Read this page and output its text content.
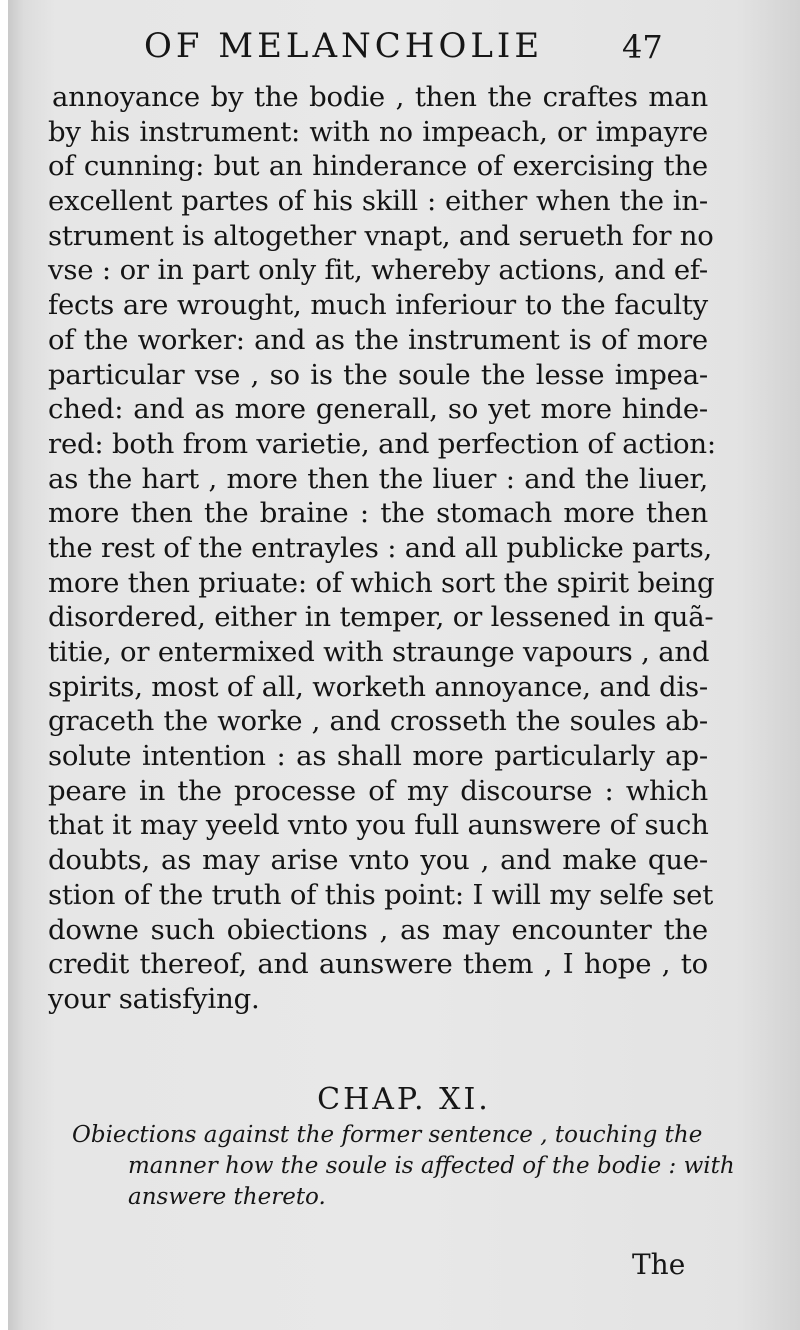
OF MELANCHOLIE 47
annoyance by the bodie , then the craftes man
by his instrument: with no impeach, or impayre
of cunning: but an hinderance of exercising the
excellent partes of his skill : either when the in-
strument is altogether vnapt, and serueth for no
vse : or in part only fit, whereby actions, and ef-
fects are wrought, much inferiour to the faculty
of the worker: and as the instrument is of more
particular vse , so is the soule the lesse impea-
ched: and as more generall, so yet more hinde-
red: both from varietie, and perfection of action:
as the hart , more then the liuer : and the liuer,
more then the braine : the stomach more then
the rest of the entrayles : and all publicke parts,
more then priuate: of which sort the spirit being
disordered, either in temper, or lessened in quã-
titie, or entermixed with straunge vapours , and
spirits, most of all, worketh annoyance, and dis-
graceth the worke , and crosseth the soules ab-
solute intention : as shall more particularly ap-
peare in the processe of my discourse : which
that it may yeeld vnto you full aunswere of such
doubts, as may arise vnto you , and make que-
stion of the truth of this point: I will my selfe set
downe such obiections , as may encounter the
credit thereof, and aunswere them , I hope , to
your satisfying.
CHAP. XI.
Obiections against the former sentence , touching the
manner how the soule is affected of the bodie : with
answere thereto.
The
